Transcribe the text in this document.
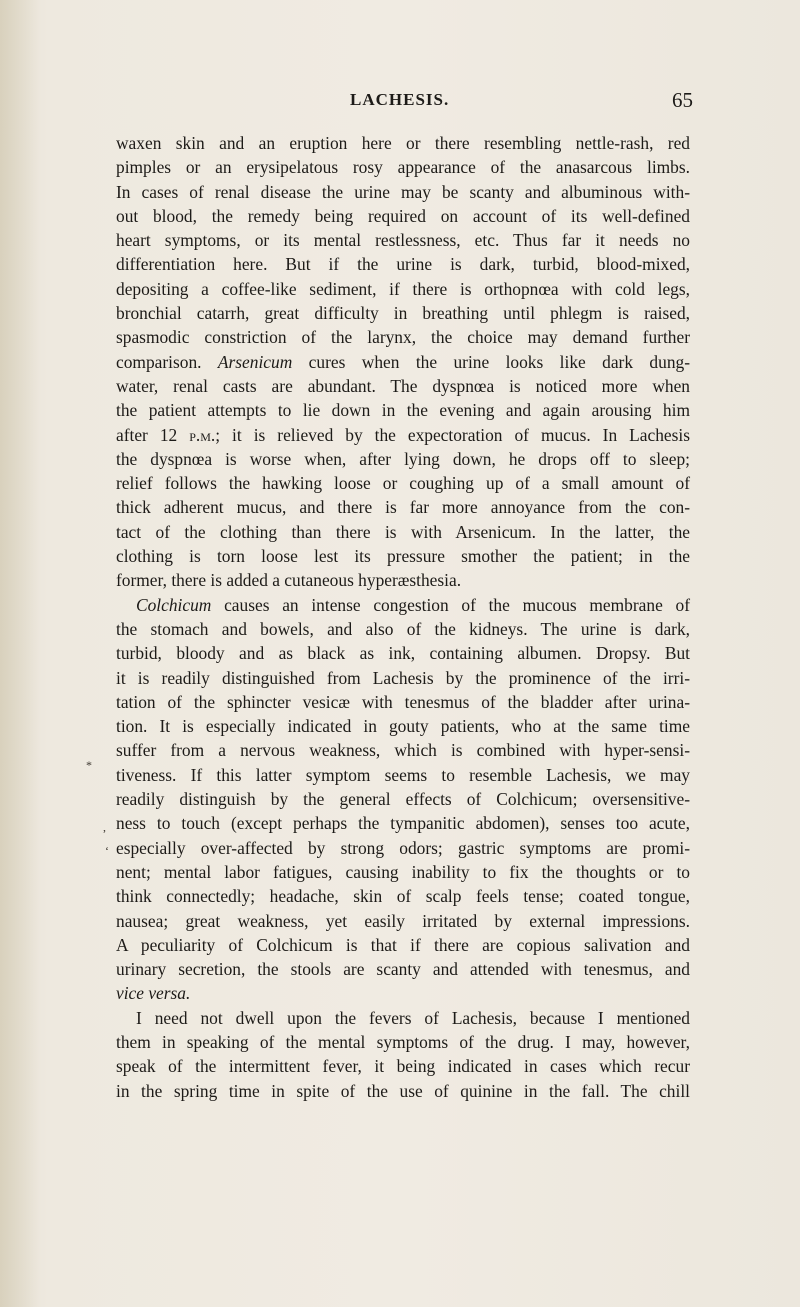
LACHESIS.	65
*
,
ʻ
waxen skin and an eruption here or there resembling nettle-rash, red
pimples or an erysipelatous rosy appearance of the anasarcous limbs.
In cases of renal disease the urine may be scanty and albuminous with-
out blood, the remedy being required on account of its well-defined
heart symptoms, or its mental restlessness, etc. Thus far it needs no
differentiation here. But if the urine is dark, turbid, blood-mixed,
depositing a coffee-like sediment, if there is orthopnœa with cold legs,
bronchial catarrh, great difficulty in breathing until phlegm is raised,
spasmodic constriction of the larynx, the choice may demand further
comparison. Arsenicum cures when the urine looks like dark dung-
water, renal casts are abundant. The dyspnœa is noticed more when
the patient attempts to lie down in the evening and again arousing him
after 12 p.m.; it is relieved by the expectoration of mucus. In Lachesis
the dyspnœa is worse when, after lying down, he drops off to sleep;
relief follows the hawking loose or coughing up of a small amount of
thick adherent mucus, and there is far more annoyance from the con-
tact of the clothing than there is with Arsenicum. In the latter, the
clothing is torn loose lest its pressure smother the patient; in the
former, there is added a cutaneous hyperæsthesia.
Colchicum causes an intense congestion of the mucous membrane of
the stomach and bowels, and also of the kidneys. The urine is dark,
turbid, bloody and as black as ink, containing albumen. Dropsy. But
it is readily distinguished from Lachesis by the prominence of the irri-
tation of the sphincter vesicæ with tenesmus of the bladder after urina-
tion. It is especially indicated in gouty patients, who at the same time
suffer from a nervous weakness, which is combined with hyper-sensi-
tiveness. If this latter symptom seems to resemble Lachesis, we may
readily distinguish by the general effects of Colchicum; oversensitive-
ness to touch (except perhaps the tympanitic abdomen), senses too acute,
especially over-affected by strong odors; gastric symptoms are promi-
nent; mental labor fatigues, causing inability to fix the thoughts or to
think connectedly; headache, skin of scalp feels tense; coated tongue,
nausea; great weakness, yet easily irritated by external impressions.
A peculiarity of Colchicum is that if there are copious salivation and
urinary secretion, the stools are scanty and attended with tenesmus, and
vice versa.
I need not dwell upon the fevers of Lachesis, because I mentioned
them in speaking of the mental symptoms of the drug. I may, however,
speak of the intermittent fever, it being indicated in cases which recur
in the spring time in spite of the use of quinine in the fall. The chill
